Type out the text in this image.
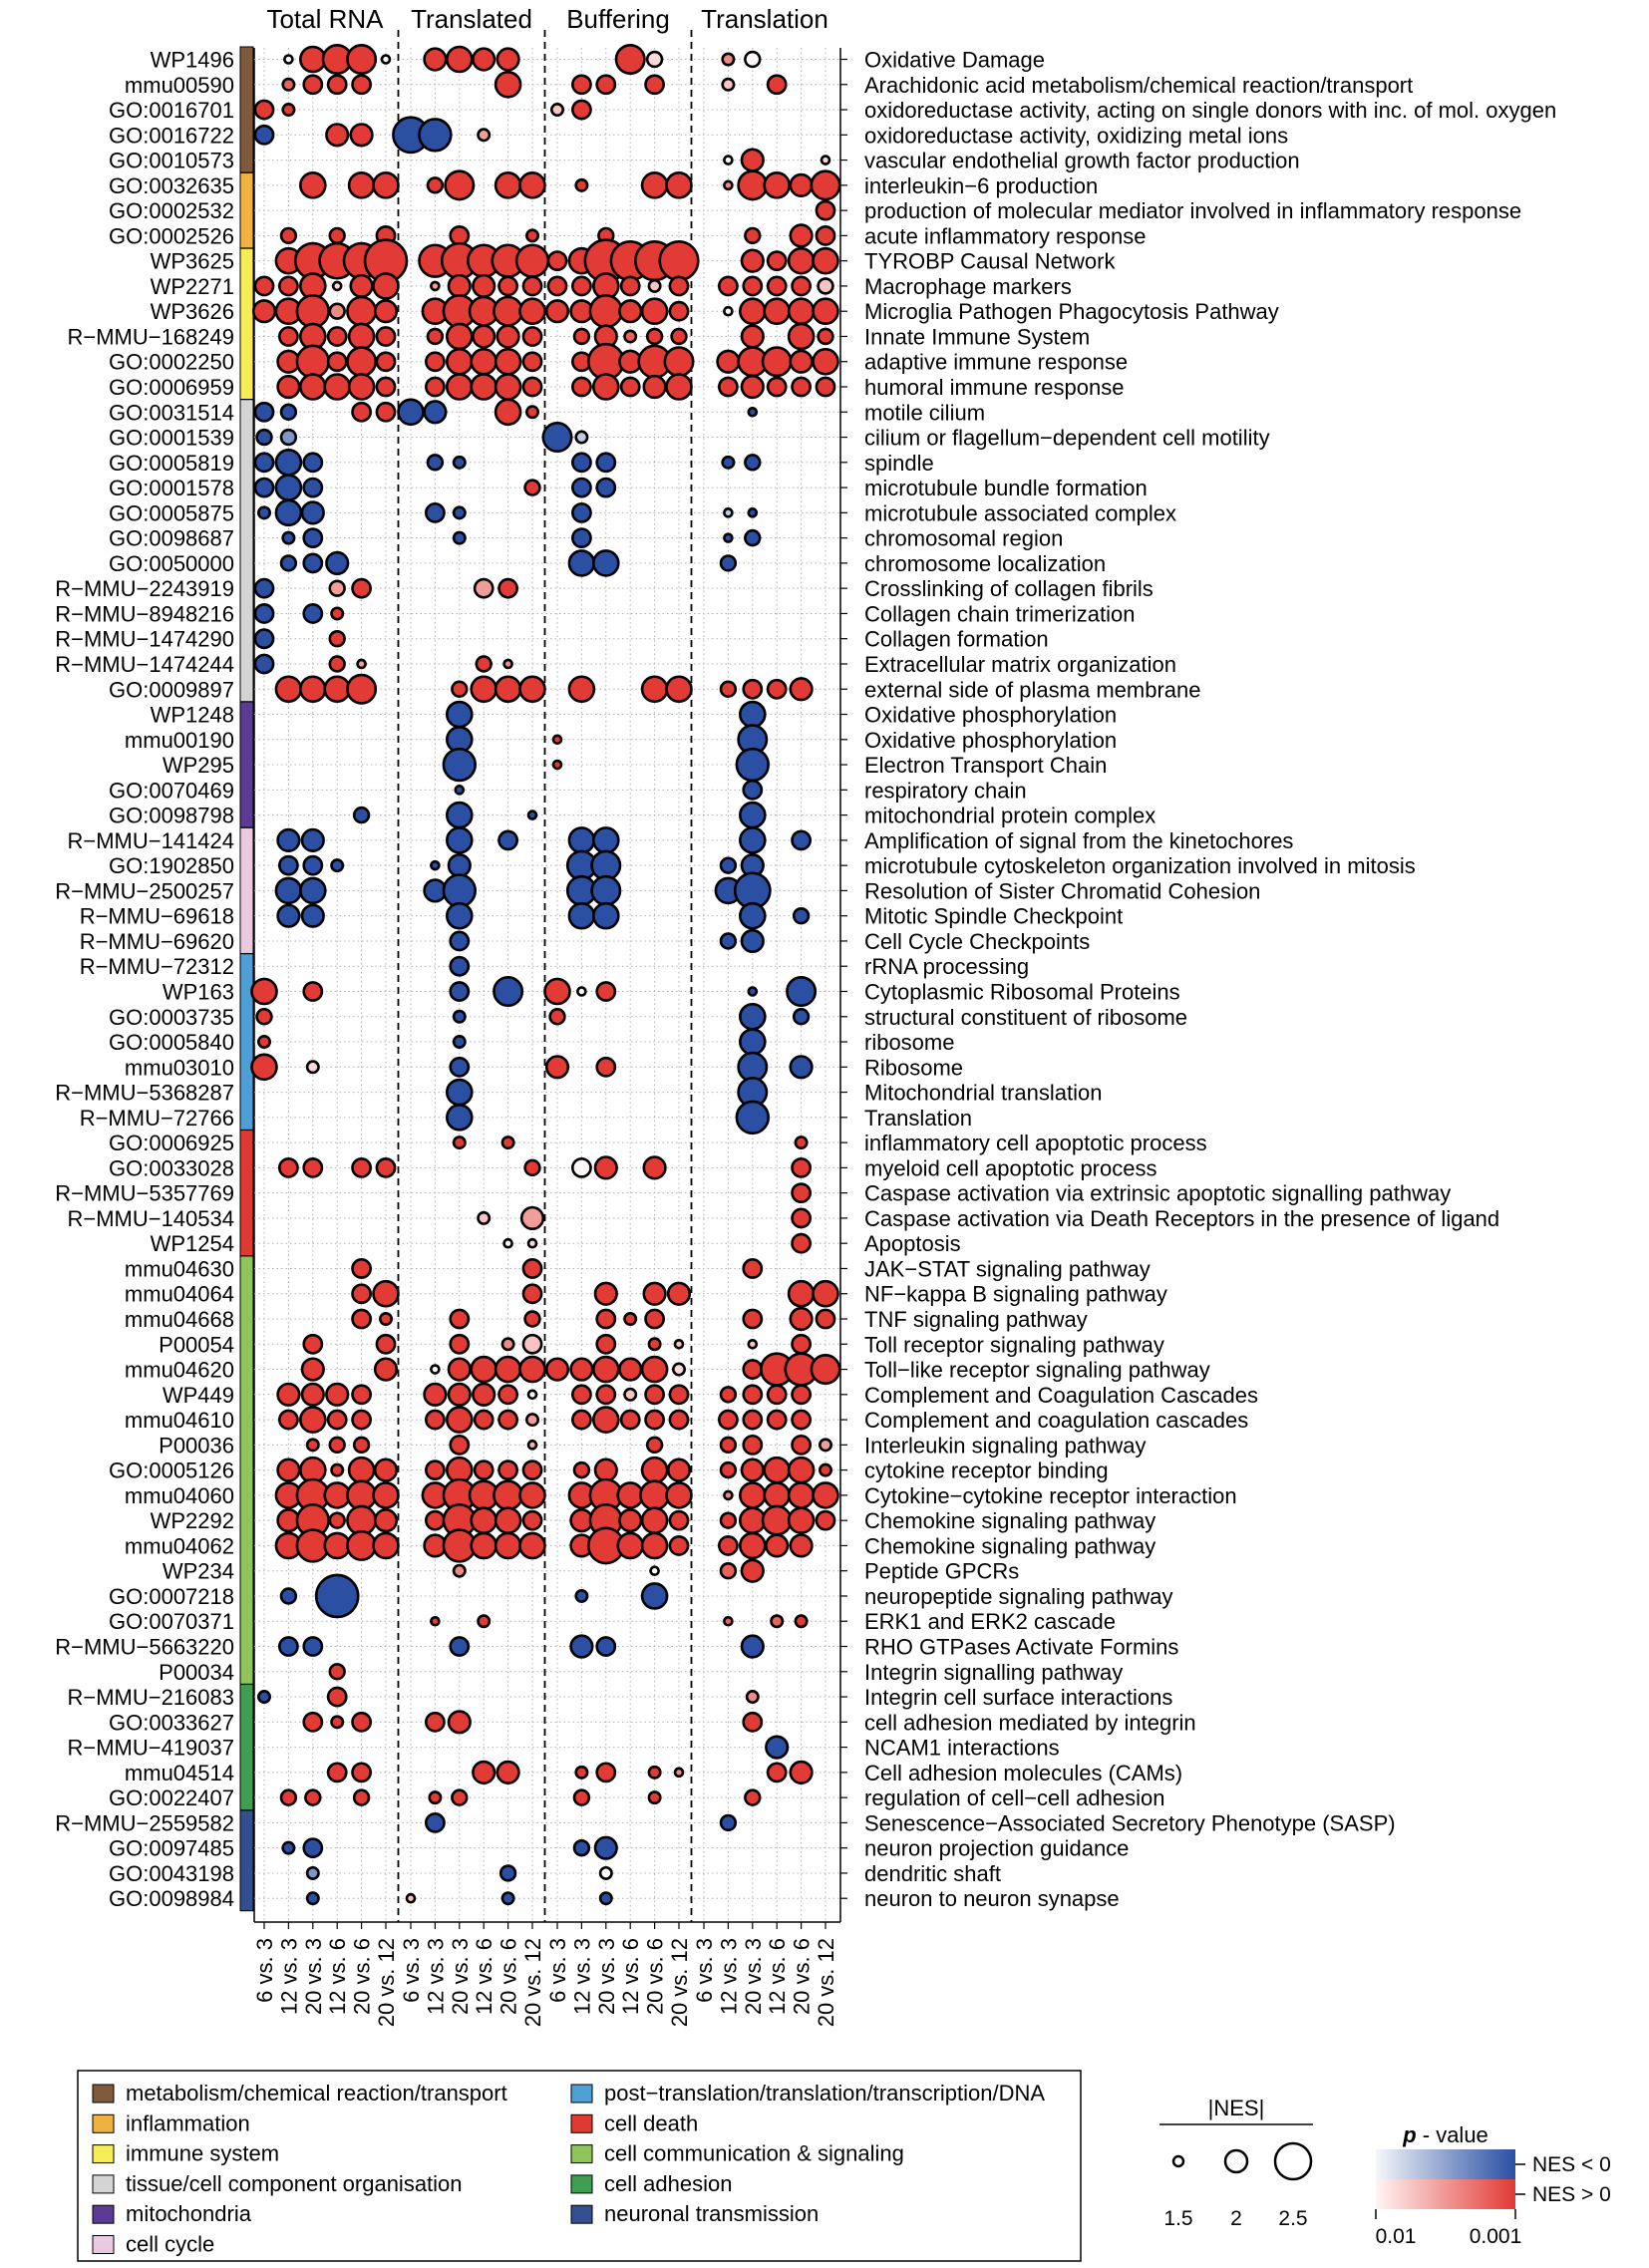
Total RNA Translated Buffering Translation
WP1496	Oxidative Damage
mmu00590	Arachidonic acid metabolism/chemical reaction/transport
GO:0016701	oxidoreductase activity, acting on single donors with inc. of mol. oxygen
GO:0016722	oxidoreductase activity, oxidizing metal ions
GO:0010573	vascular endothelial growth factor production
GO:0032635	interleukin−6 production
GO:0002532	production of molecular mediator involved in inflammatory response
GO:0002526	acute inflammatory response
WP3625	TYROBP Causal Network
WP2271	Macrophage markers
WP3626	Microglia Pathogen Phagocytosis Pathway
R−MMU−168249	Innate Immune System
GO:0002250	adaptive immune response
GO:0006959	humoral immune response
GO:0031514	motile cilium
GO:0001539	cilium or flagellum−dependent cell motility
GO:0005819	spindle
GO:0001578	microtubule bundle formation
GO:0005875	microtubule associated complex
GO:0098687	chromosomal region
GO:0050000	chromosome localization
R−MMU−2243919	Crosslinking of collagen fibrils
R−MMU−8948216	Collagen chain trimerization
R−MMU−1474290	Collagen formation
R−MMU−1474244	Extracellular matrix organization
GO:0009897	external side of plasma membrane
WP1248	Oxidative phosphorylation
mmu00190	Oxidative phosphorylation
WP295	Electron Transport Chain
GO:0070469	respiratory chain
GO:0098798	mitochondrial protein complex
R−MMU−141424	Amplification of signal from the kinetochores
GO:1902850	microtubule cytoskeleton organization involved in mitosis
R−MMU−2500257	Resolution of Sister Chromatid Cohesion
R−MMU−69618	Mitotic Spindle Checkpoint
R−MMU−69620	Cell Cycle Checkpoints
R−MMU−72312	rRNA processing
WP163	Cytoplasmic Ribosomal Proteins
GO:0003735	structural constituent of ribosome
GO:0005840	ribosome
mmu03010	Ribosome
R−MMU−5368287	Mitochondrial translation
R−MMU−72766	Translation
GO:0006925	inflammatory cell apoptotic process
GO:0033028	myeloid cell apoptotic process
R−MMU−5357769	Caspase activation via extrinsic apoptotic signalling pathway
R−MMU−140534	Caspase activation via Death Receptors in the presence of ligand
WP1254	Apoptosis
mmu04630	JAK−STAT signaling pathway
mmu04064	NF−kappa B signaling pathway
mmu04668	TNF signaling pathway
P00054	Toll receptor signaling pathway
mmu04620	Toll−like receptor signaling pathway
WP449	Complement and Coagulation Cascades
mmu04610	Complement and coagulation cascades
P00036	Interleukin signaling pathway
GO:0005126	cytokine receptor binding
mmu04060	Cytokine−cytokine receptor interaction
WP2292	Chemokine signaling pathway
mmu04062	Chemokine signaling pathway
WP234	Peptide GPCRs
GO:0007218	neuropeptide signaling pathway
GO:0070371	ERK1 and ERK2 cascade
R−MMU−5663220	RHO GTPases Activate Formins
P00034	Integrin signalling pathway
R−MMU−216083	Integrin cell surface interactions
GO:0033627	cell adhesion mediated by integrin
R−MMU−419037	NCAM1 interactions
mmu04514	Cell adhesion molecules (CAMs)
GO:0022407	regulation of cell−cell adhesion
R−MMU−2559582	Senescence−Associated Secretory Phenotype (SASP)
GO:0097485	neuron projection guidance
GO:0043198	dendritic shaft
GO:0098984	neuron to neuron synapse
6 vs. 3 12 vs. 3 20 vs. 3 12 vs. 6 20 vs. 6 20 vs. 12 6 vs. 3 12 vs. 3 20 vs. 3 12 vs. 6 20 vs. 6 20 vs. 12 6 vs. 3 12 vs. 3 20 vs. 3 12 vs. 6 20 vs. 6 20 vs. 12 6 vs. 3 12 vs. 3 20 vs. 3 12 vs. 6 20 vs. 6 20 vs. 12
metabolism/chemical reaction/transport
inflammation
immune system
tissue/cell component organisation
mitochondria
cell cycle
post−translation/translation/transcription/DNA
cell death
cell communication & signaling
cell adhesion
neuronal transmission
|NES|
1.5 2 2.5
p - value
0.01	0.001
NES < 0
NES > 0
